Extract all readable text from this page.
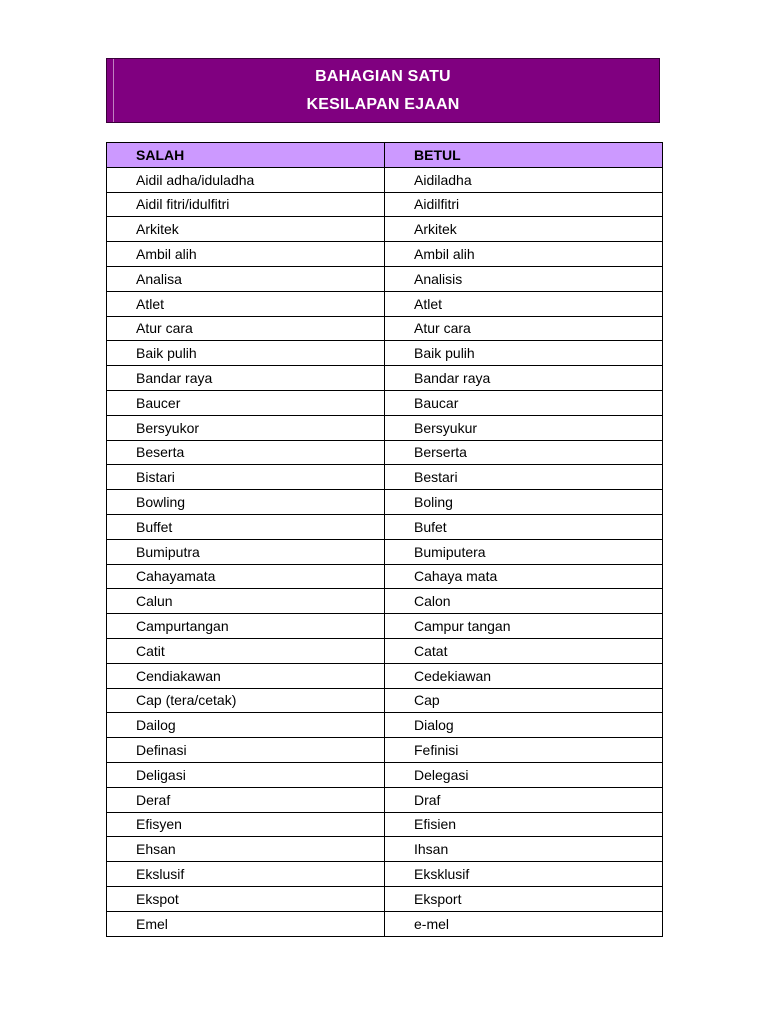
BAHAGIAN SATU
KESILAPAN EJAAN
SALAH	BETUL
Aidil adha/iduladha	Aidiladha
Aidil fitri/idulfitri	Aidilfitri
Arkitek	Arkitek
Ambil alih	Ambil alih
Analisa	Analisis
Atlet	Atlet
Atur cara	Atur cara
Baik pulih	Baik pulih
Bandar raya	Bandar raya
Baucer	Baucar
Bersyukor	Bersyukur
Beserta	Berserta
Bistari	Bestari
Bowling	Boling
Buffet	Bufet
Bumiputra	Bumiputera
Cahayamata	Cahaya mata
Calun	Calon
Campurtangan	Campur tangan
Catit	Catat
Cendiakawan	Cedekiawan
Cap (tera/cetak)	Cap
Dailog	Dialog
Definasi	Fefinisi
Deligasi	Delegasi
Deraf	Draf
Efisyen	Efisien
Ehsan	Ihsan
Ekslusif	Eksklusif
Ekspot	Eksport
Emel	e-mel
